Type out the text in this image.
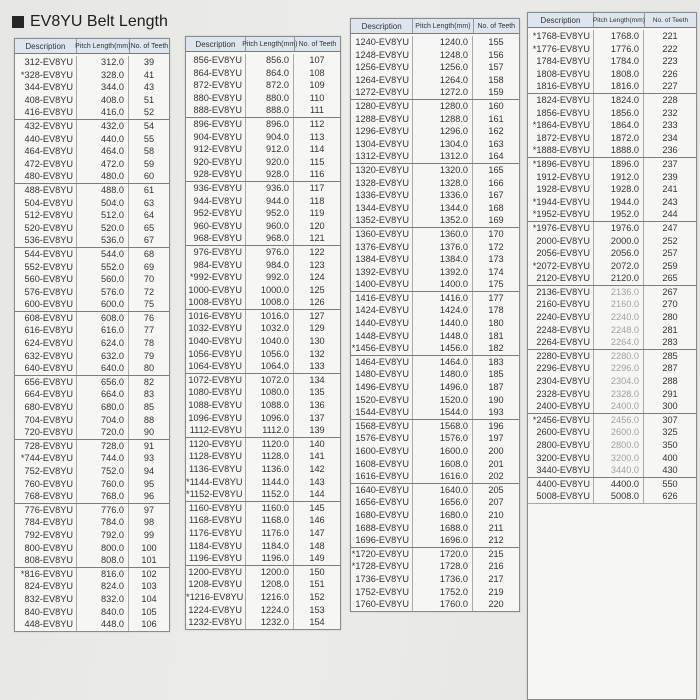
EV8YU Belt Length
Description	Pitch Length(mm) No. of Teeth
312-EV8YU	312.0	39
*328-EV8YU	328.0	41
344-EV8YU	344.0	43
408-EV8YU	408.0	51
416-EV8YU	416.0	52
432-EV8YU	432.0	54
440-EV8YU	440.0	55
464-EV8YU	464.0	58
472-EV8YU	472.0	59
480-EV8YU	480.0	60
488-EV8YU	488.0	61
504-EV8YU	504.0	63
512-EV8YU	512.0	64
520-EV8YU	520.0	65
536-EV8YU	536.0	67
544-EV8YU	544.0	68
552-EV8YU	552.0	69
560-EV8YU	560.0	70
576-EV8YU	576.0	72
600-EV8YU	600.0	75
608-EV8YU	608.0	76
616-EV8YU	616.0	77
624-EV8YU	624.0	78
632-EV8YU	632.0	79
640-EV8YU	640.0	80
656-EV8YU	656.0	82
664-EV8YU	664.0	83
680-EV8YU	680.0	85
704-EV8YU	704.0	88
720-EV8YU	720.0	90
728-EV8YU	728.0	91
*744-EV8YU	744.0	93
752-EV8YU	752.0	94
760-EV8YU	760.0	95
768-EV8YU	768.0	96
776-EV8YU	776.0	97
784-EV8YU	784.0	98
792-EV8YU	792.0	99
800-EV8YU	800.0	100
808-EV8YU	808.0	101
*816-EV8YU	816.0	102
824-EV8YU	824.0	103
832-EV8YU	832.0	104
840-EV8YU	840.0	105
448-EV8YU	448.0	106
Description Pitch Length(mm) No. of Teeth
856-EV8YU	856.0	107
864-EV8YU	864.0	108
872-EV8YU	872.0	109
880-EV8YU	880.0	110
888-EV8YU	888.0	111
896-EV8YU	896.0	112
904-EV8YU	904.0	113
912-EV8YU	912.0	114
920-EV8YU	920.0	115
928-EV8YU	928.0	116
936-EV8YU	936.0	117
944-EV8YU	944.0	118
952-EV8YU	952.0	119
960-EV8YU	960.0	120
968-EV8YU	968.0	121
976-EV8YU	976.0	122
984-EV8YU	984.0	123
*992-EV8YU	992.0	124
1000-EV8YU	1000.0	125
1008-EV8YU	1008.0	126
1016-EV8YU	1016.0	127
1032-EV8YU	1032.0	129
1040-EV8YU	1040.0	130
1056-EV8YU	1056.0	132
1064-EV8YU	1064.0	133
1072-EV8YU	1072.0	134
1080-EV8YU	1080.0	135
1088-EV8YU	1088.0	136
1096-EV8YU	1096.0	137
1112-EV8YU	1112.0	139
1120-EV8YU	1120.0	140
1128-EV8YU	1128.0	141
1136-EV8YU	1136.0	142
*1144-EV8YU	1144.0	143
*1152-EV8YU	1152.0	144
1160-EV8YU	1160.0	145
1168-EV8YU	1168.0	146
1176-EV8YU	1176.0	147
1184-EV8YU	1184.0	148
1196-EV8YU	1196.0	149
1200-EV8YU	1200.0	150
1208-EV8YU	1208.0	151
*1216-EV8YU	1216.0	152
1224-EV8YU	1224.0	153
1232-EV8YU	1232.0	154
Description	Pitch Length(mm) No. of Teeth
1240-EV8YU	1240.0	155
1248-EV8YU	1248.0	156
1256-EV8YU	1256.0	157
1264-EV8YU	1264.0	158
1272-EV8YU	1272.0	159
1280-EV8YU	1280.0	160
1288-EV8YU	1288.0	161
1296-EV8YU	1296.0	162
1304-EV8YU	1304.0	163
1312-EV8YU	1312.0	164
1320-EV8YU	1320.0	165
1328-EV8YU	1328.0	166
1336-EV8YU	1336.0	167
1344-EV8YU	1344.0	168
1352-EV8YU	1352.0	169
1360-EV8YU	1360.0	170
1376-EV8YU	1376.0	172
1384-EV8YU	1384.0	173
1392-EV8YU	1392.0	174
1400-EV8YU	1400.0	175
1416-EV8YU	1416.0	177
1424-EV8YU	1424.0	178
1440-EV8YU	1440.0	180
1448-EV8YU	1448.0	181
*1456-EV8YU	1456.0	182
1464-EV8YU	1464.0	183
1480-EV8YU	1480.0	185
1496-EV8YU	1496.0	187
1520-EV8YU	1520.0	190
1544-EV8YU	1544.0	193
1568-EV8YU	1568.0	196
1576-EV8YU	1576.0	197
1600-EV8YU	1600.0	200
1608-EV8YU	1608.0	201
1616-EV8YU	1616.0	202
1640-EV8YU	1640.0	205
1656-EV8YU	1656.0	207
1680-EV8YU	1680.0	210
1688-EV8YU	1688.0	211
1696-EV8YU	1696.0	212
*1720-EV8YU	1720.0	215
*1728-EV8YU	1728.0	216
1736-EV8YU	1736.0	217
1752-EV8YU	1752.0	219
1760-EV8YU	1760.0	220
Description	Pitch Length(mm)	No. of Teeth
*1768-EV8YU	1768.0	221
*1776-EV8YU	1776.0	222
1784-EV8YU	1784.0	223
1808-EV8YU	1808.0	226
1816-EV8YU	1816.0	227
1824-EV8YU	1824.0	228
1856-EV8YU	1856.0	232
*1864-EV8YU	1864.0	233
1872-EV8YU	1872.0	234
*1888-EV8YU	1888.0	236
*1896-EV8YU	1896.0	237
1912-EV8YU	1912.0	239
1928-EV8YU	1928.0	241
*1944-EV8YU	1944.0	243
*1952-EV8YU	1952.0	244
*1976-EV8YU	1976.0	247
2000-EV8YU	2000.0	252
2056-EV8YU	2056.0	257
*2072-EV8YU	2072.0	259
2120-EV8YU	2120.0	265
2136-EV8YU	2136.0	267
2160-EV8YU	2160.0	270
2240-EV8YU	2240.0	280
2248-EV8YU	2248.0	281
2264-EV8YU	2264.0	283
2280-EV8YU	2280.0	285
2296-EV8YU	2296.0	287
2304-EV8YU	2304.0	288
2328-EV8YU	2328.0	291
2400-EV8YU	2400.0	300
*2456-EV8YU	2456.0	307
2600-EV8YU	2600.0	325
2800-EV8YU	2800.0	350
3200-EV8YU	3200.0	400
3440-EV8YU	3440.0	430
4400-EV8YU	4400.0	550
5008-EV8YU	5008.0	626
